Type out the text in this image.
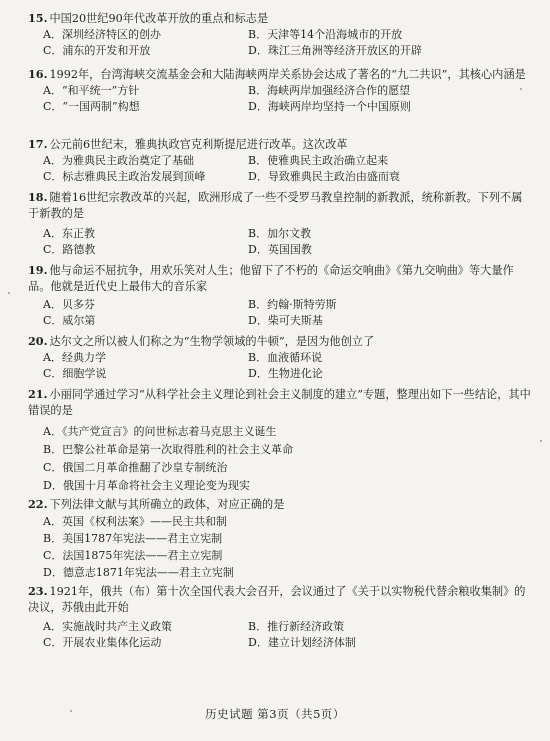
15. 中国20世纪90年代改革开放的重点和标志是

A．深圳经济特区的创办	B．天津等14个沿海城市的开放
C．浦东的开发和开放	D．珠江三角洲等经济开放区的开辟

16. 1992年，台湾海峡交流基金会和大陆海峡两岸关系协会达成了著名的“九二共识”，其核心内涵是

A．“和平统一”方针	B．海峡两岸加强经济合作的愿望
C．“一国两制”构想	D．海峡两岸均坚持一个中国原则

17. 公元前6世纪末，雅典执政官克利斯提尼进行改革。这次改革

A．为雅典民主政治奠定了基础	B．使雅典民主政治确立起来
C．标志雅典民主政治发展到顶峰	D．导致雅典民主政治由盛而衰

18. 随着16世纪宗教改革的兴起，欧洲形成了一些不受罗马教皇控制的新教派，统称新教。下列不属于新教的是

A．东正教	B．加尔文教
C．路德教	D．英国国教

19. 他与命运不屈抗争，用欢乐笑对人生；他留下了不朽的《命运交响曲》《第九交响曲》等大量作品。他就是近代史上最伟大的音乐家

A．贝多芬	B．约翰·斯特劳斯
C．威尔第	D．柴可夫斯基

20. 达尔文之所以被人们称之为“生物学领域的牛顿”，是因为他创立了

A．经典力学	B．血液循环说
C．细胞学说	D．生物进化论

21. 小丽同学通过学习“从科学社会主义理论到社会主义制度的建立”专题，整理出如下一些结论，其中错误的是

A．《共产党宣言》的问世标志着马克思主义诞生
B．巴黎公社革命是第一次取得胜利的社会主义革命
C．俄国二月革命推翻了沙皇专制统治
D．俄国十月革命将社会主义理论变为现实

22. 下列法律文献与其所确立的政体，对应正确的是

A．英国《权利法案》——民主共和制
B．美国1787年宪法——君主立宪制
C．法国1875年宪法——君主立宪制
D．德意志1871年宪法——君主立宪制

23. 1921年，俄共（布）第十次全国代表大会召开，会议通过了《关于以实物税代替余粮收集制》的决议，苏俄由此开始

A．实施战时共产主义政策	B．推行新经济政策
C．开展农业集体化运动	D．建立计划经济体制
历史试题 第3页（共5页）
